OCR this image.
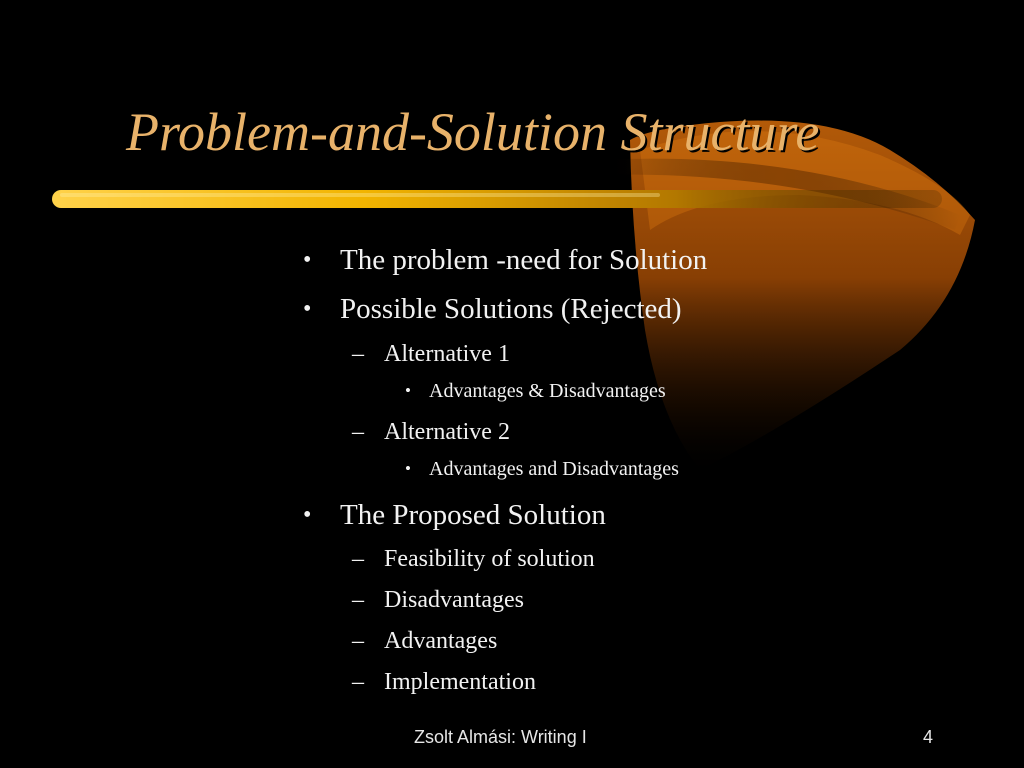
Problem-and-Solution Structure
• The problem -need for Solution
• Possible Solutions (Rejected)
– Alternative 1
• Advantages & Disadvantages
– Alternative 2
• Advantages and Disadvantages
• The Proposed Solution
– Feasibility of solution
– Disadvantages
– Advantages
– Implementation
Zsolt Almási: Writing I	4
